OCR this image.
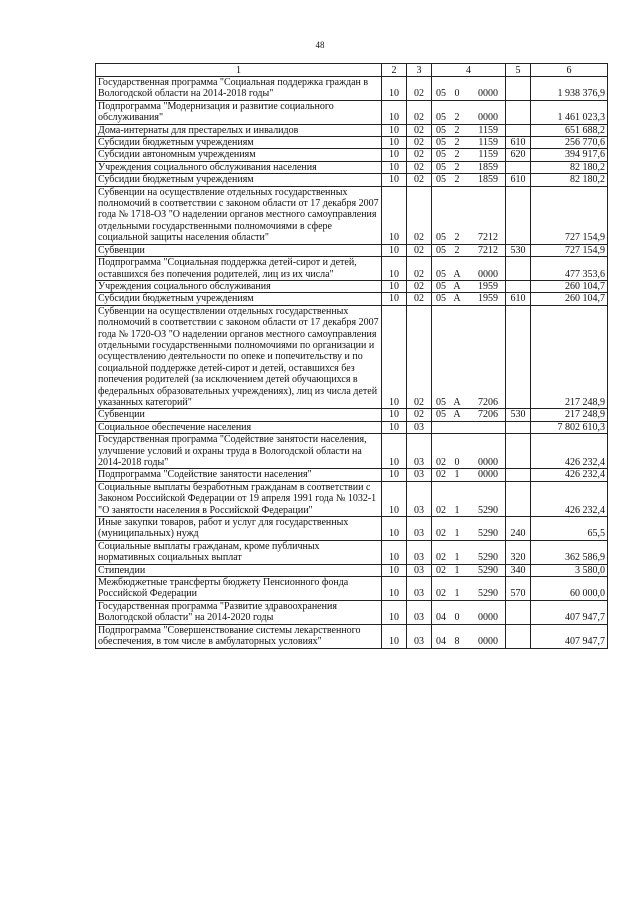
48
1	2	3	4	5	6
Государственная программа "Социальная поддержка граждан в Вологодской области на 2014-2018 годы"	10	02	05 0 0000		1 938 376,9
Подпрограмма "Модернизация и развитие социального обслуживания"	10	02	05 2 0000		1 461 023,3
Дома-интернаты для престарелых и инвалидов	10	02	05 2 1159		651 688,2
Субсидии бюджетным учреждениям	10	02	05 2 1159	610	256 770,6
Субсидии автономным учреждениям	10	02	05 2 1159	620	394 917,6
Учреждения социального обслуживания населения	10	02	05 2 1859		82 180,2
Субсидии бюджетным учреждениям	10	02	05 2 1859	610	82 180,2
Субвенции на осуществление отдельных государственных полномочий в соответствии с законом области от 17 декабря 2007 года № 1718-ОЗ "О наделении органов местного самоуправления отдельными государственными полномочиями в сфере социальной защиты населения области"	10	02	05 2 7212		727 154,9
Субвенции	10	02	05 2 7212	530	727 154,9
Подпрограмма "Социальная поддержка детей-сирот и детей, оставшихся без попечения родителей, лиц из их числа"	10	02	05 А 0000		477 353,6
Учреждения социального обслуживания	10	02	05 А 1959		260 104,7
Субсидии бюджетным учреждениям	10	02	05 А 1959	610	260 104,7
Субвенции на осуществлении отдельных государственных полномочий в соответствии с законом области от 17 декабря 2007 года № 1720-ОЗ "О наделении органов местного самоуправления отдельными государственными полномочиями по организации и осуществлению деятельности по опеке и попечительству и по социальной поддержке детей-сирот и детей, оставшихся без попечения родителей (за исключением детей обучающихся в федеральных образовательных учреждениях), лиц из числа детей указанных категорий"	10	02	05 А 7206		217 248,9
Субвенции	10	02	05 А 7206	530	217 248,9
Социальное обеспечение населения	10	03			7 802 610,3
Государственная программа "Содействие занятости населения, улучшение условий и охраны труда в Вологодской области на 2014-2018 годы"	10	03	02 0 0000		426 232,4
Подпрограмма "Содействие занятости населения"	10	03	02 1 0000		426 232,4
Социальные выплаты безработным гражданам в соответствии с Законом Российской Федерации от 19 апреля 1991 года № 1032-1 "О занятости населения в Российской Федерации"	10	03	02 1 5290		426 232,4
Иные закупки товаров, работ и услуг для государственных (муниципальных) нужд	10	03	02 1 5290	240	65,5
Социальные выплаты гражданам, кроме публичных нормативных социальных выплат	10	03	02 1 5290	320	362 586,9
Стипендии	10	03	02 1 5290	340	3 580,0
Межбюджетные трансферты бюджету Пенсионного фонда Российской Федерации	10	03	02 1 5290	570	60 000,0
Государственная программа "Развитие здравоохранения Вологодской области" на 2014-2020 годы	10	03	04 0 0000		407 947,7
Подпрограмма "Совершенствование системы лекарственного обеспечения, в том числе в амбулаторных условиях"	10	03	04 8 0000		407 947,7
